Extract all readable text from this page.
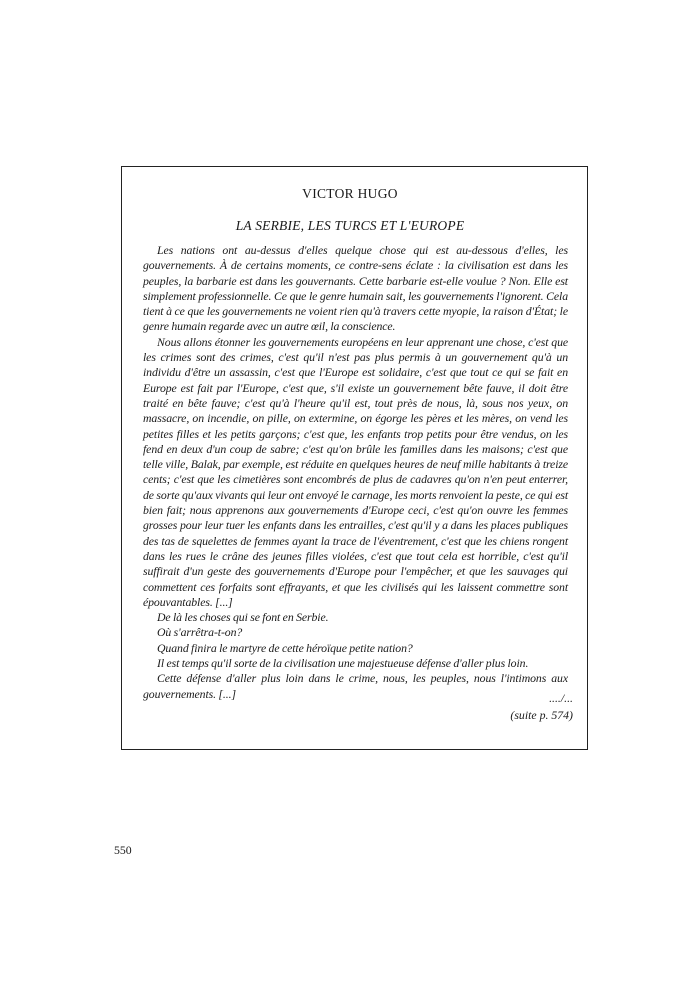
VICTOR HUGO
LA SERBIE, LES TURCS ET L'EUROPE

Les nations ont au-dessus d'elles quelque chose qui est au-dessous d'elles, les gouvernements. À de certains moments, ce contre-sens éclate : la civilisation est dans les peuples, la barbarie est dans les gouvernants. Cette barbarie est-elle voulue ? Non. Elle est simplement professionnelle. Ce que le genre humain sait, les gouvernements l'ignorent. Cela tient à ce que les gouvernements ne voient rien qu'à travers cette myopie, la raison d'État; le genre humain regarde avec un autre œil, la conscience.

Nous allons étonner les gouvernements européens en leur apprenant une chose, c'est que les crimes sont des crimes, c'est qu'il n'est pas plus permis à un gouvernement qu'à un individu d'être un assassin, c'est que l'Europe est solidaire, c'est que tout ce qui se fait en Europe est fait par l'Europe, c'est que, s'il existe un gouvernement bête fauve, il doit être traité en bête fauve; c'est qu'à l'heure qu'il est, tout près de nous, là, sous nos yeux, on massacre, on incendie, on pille, on extermine, on égorge les pères et les mères, on vend les petites filles et les petits garçons; c'est que, les enfants trop petits pour être vendus, on les fend en deux d'un coup de sabre; c'est qu'on brûle les familles dans les maisons; c'est que telle ville, Balak, par exemple, est réduite en quelques heures de neuf mille habitants à treize cents; c'est que les cimetières sont encombrés de plus de cadavres qu'on n'en peut enterrer, de sorte qu'aux vivants qui leur ont envoyé le carnage, les morts renvoient la peste, ce qui est bien fait; nous apprenons aux gouvernements d'Europe ceci, c'est qu'on ouvre les femmes grosses pour leur tuer les enfants dans les entrailles, c'est qu'il y a dans les places publiques des tas de squelettes de femmes ayant la trace de l'éventrement, c'est que les chiens rongent dans les rues le crâne des jeunes filles violées, c'est que tout cela est horrible, c'est qu'il suffirait d'un geste des gouvernements d'Europe pour l'empêcher, et que les sauvages qui commettent ces forfaits sont effrayants, et que les civilisés qui les laissent commettre sont épouvantables. [...]

De là les choses qui se font en Serbie.
Où s'arrêtra-t-on?
Quand finira le martyre de cette héroïque petite nation?
Il est temps qu'il sorte de la civilisation une majestueuse défense d'aller plus loin.

Cette défense d'aller plus loin dans le crime, nous, les peuples, nous l'intimons aux gouvernements. [...]	..../...
(suite p. 574)
550
